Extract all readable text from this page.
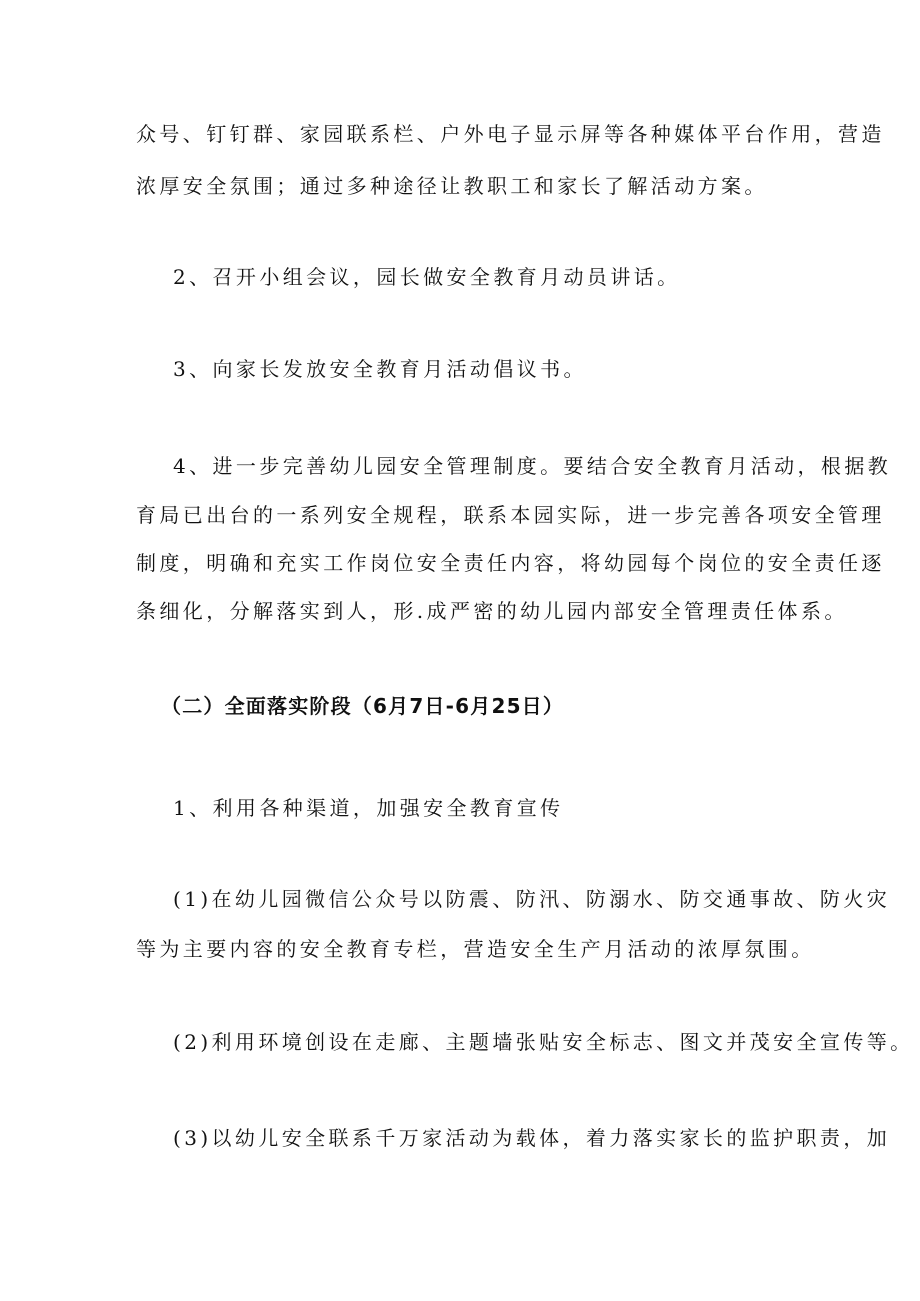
众号、钉钉群、家园联系栏、户外电子显示屏等各种媒体平台作用，营造
浓厚安全氛围；通过多种途径让教职工和家长了解活动方案。
2、召开小组会议，园长做安全教育月动员讲话。
3、向家长发放安全教育月活动倡议书。
4、进一步完善幼儿园安全管理制度。要结合安全教育月活动，根据教
育局已出台的一系列安全规程，联系本园实际，进一步完善各项安全管理
制度，明确和充实工作岗位安全责任内容，将幼园每个岗位的安全责任逐
条细化，分解落实到人，形.成严密的幼儿园内部安全管理责任体系。
（二）全面落实阶段（6月7日-6月25日）
1、利用各种渠道，加强安全教育宣传
(1)在幼儿园微信公众号以防震、防汛、防溺水、防交通事故、防火灾
等为主要内容的安全教育专栏，营造安全生产月活动的浓厚氛围。
(2)利用环境创设在走廊、主题墙张贴安全标志、图文并茂安全宣传等。
(3)以幼儿安全联系千万家活动为载体，着力落实家长的监护职责，加
